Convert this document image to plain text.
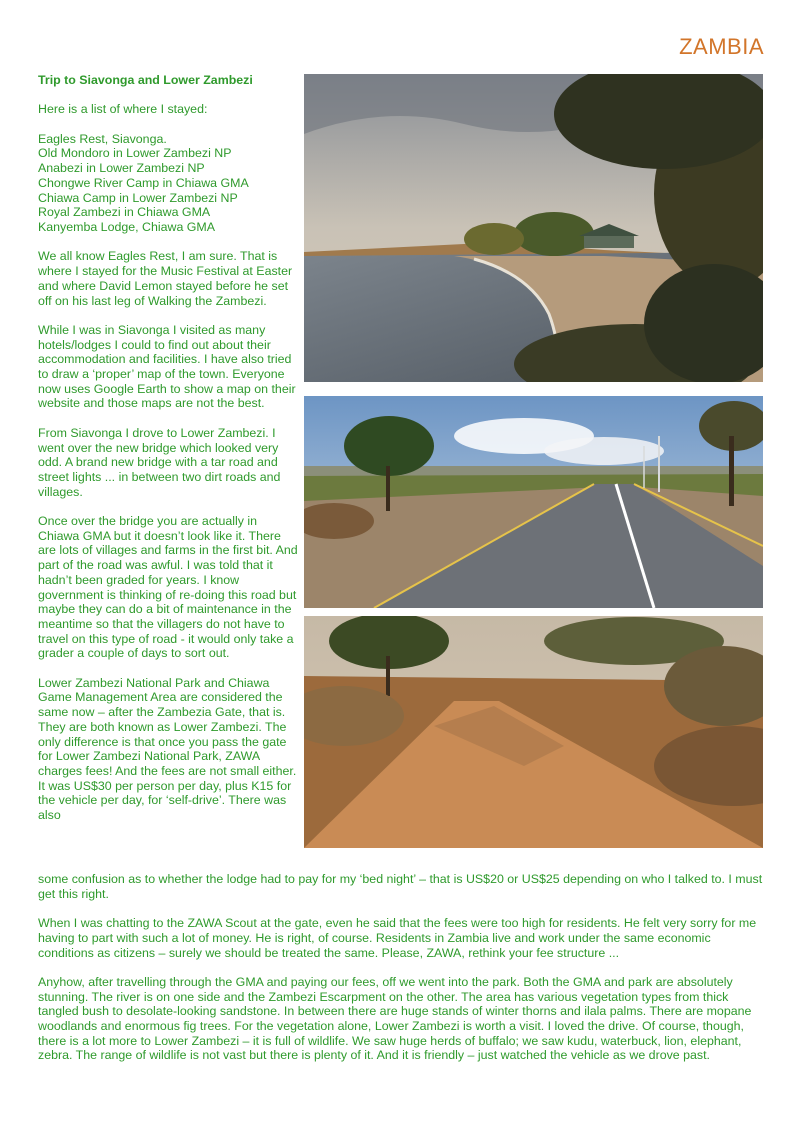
ZAMBIA
Trip to Siavonga and Lower Zambezi

Here is a list of where I stayed:

Eagles Rest, Siavonga.
Old Mondoro in Lower Zambezi NP
Anabezi in Lower Zambezi NP
Chongwe River Camp in Chiawa GMA
Chiawa Camp in Lower Zambezi NP
Royal Zambezi in Chiawa GMA
Kanyemba Lodge, Chiawa GMA

We all know Eagles Rest, I am sure. That is where I stayed for the Music Festival at Easter and where David Lemon stayed before he set off on his last leg of Walking the Zambezi.

While I was in Siavonga I visited as many hotels/lodges I could to find out about their accommodation and facilities. I have also tried to draw a ‘proper’ map of the town. Everyone now uses Google Earth to show a map on their website and those maps are not the best.

From Siavonga I drove to Lower Zambezi. I went over the new bridge which looked very odd. A brand new bridge with a tar road and street lights ... in between two dirt roads and villages.

Once over the bridge you are actually in Chiawa GMA but it doesn’t look like it. There are lots of villages and farms in the first bit. And part of the road was awful. I was told that it hadn’t been graded for years. I know government is thinking of re-doing this road but maybe they can do a bit of maintenance in the meantime so that the villagers do not have to travel on this type of road - it would only take a grader a couple of days to sort out.

Lower Zambezi National Park and Chiawa Game Management Area are considered the same now – after the Zambezia Gate, that is. They are both known as Lower Zambezi. The only difference is that once you pass the gate for Lower Zambezi National Park, ZAWA charges fees! And the fees are not small either. It was US$30 per person per day, plus K15 for the vehicle per day, for ‘self-drive’. There was also

some confusion as to whether the lodge had to pay for my ‘bed night’ – that is US$20 or US$25 depending on who I talked to. I must get this right.

When I was chatting to the ZAWA Scout at the gate, even he said that the fees were too high for residents. He felt very sorry for me having to part with such a lot of money. He is right, of course. Residents in Zambia live and work under the same economic conditions as citizens – surely we should be treated the same. Please, ZAWA, rethink your fee structure ...

Anyhow, after travelling through the GMA and paying our fees, off we went into the park. Both the GMA and park are absolutely stunning. The river is on one side and the Zambezi Escarpment on the other. The area has various vegetation types from thick tangled bush to desolate-looking sandstone. In between there are huge stands of winter thorns and ilala palms. There are mopane woodlands and enormous fig trees. For the vegetation alone, Lower Zambezi is worth a visit. I loved the drive. Of course, though, there is a lot more to Lower Zambezi – it is full of wildlife. We saw huge herds of buffalo; we saw kudu, waterbuck, lion, elephant, zebra. The range of wildlife is not vast but there is plenty of it. And it is friendly – just watched the vehicle as we drove past.
